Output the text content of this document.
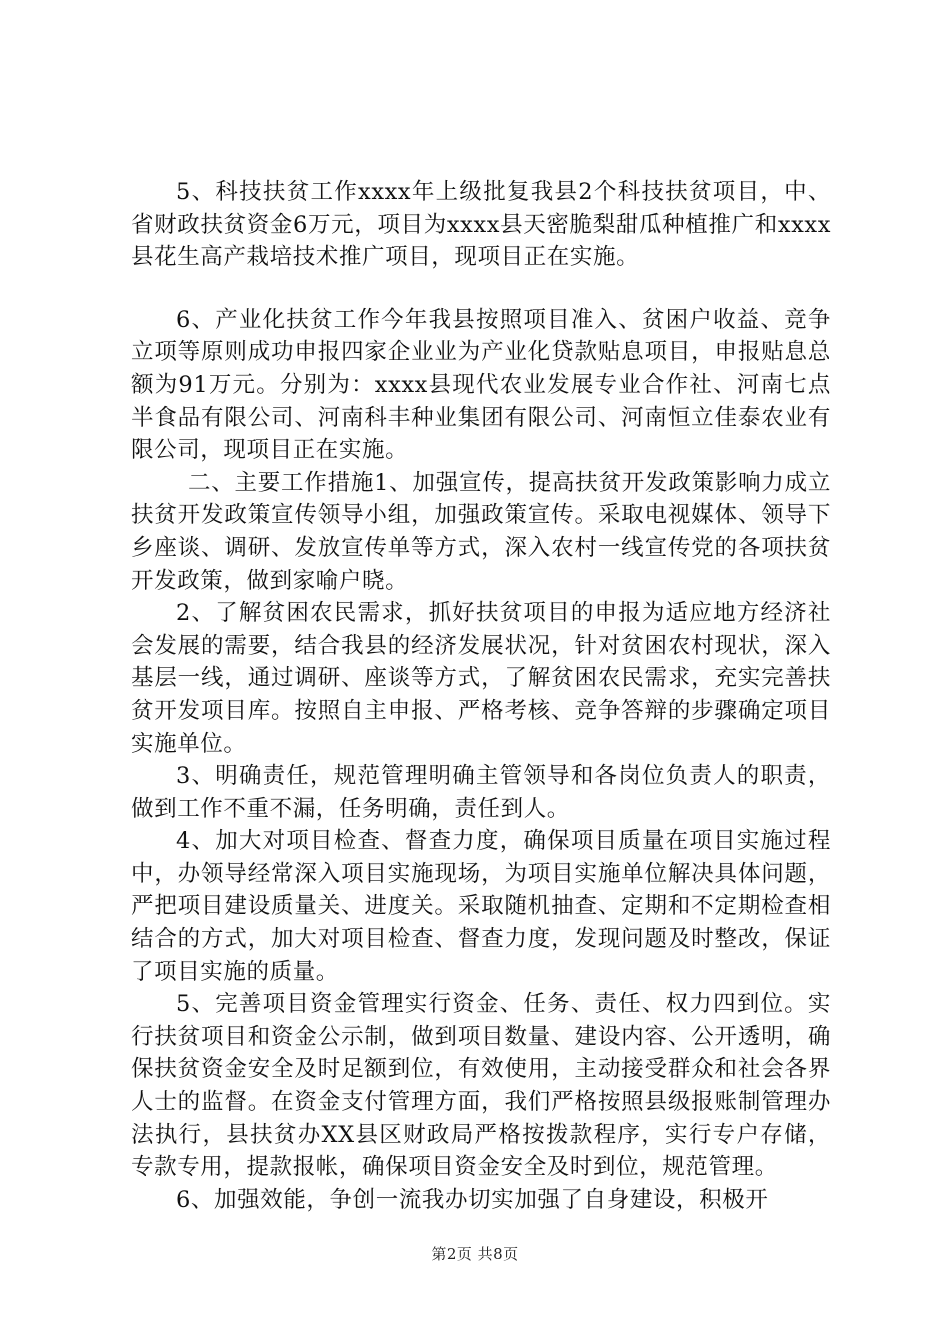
5、科技扶贫工作xxxx年上级批复我县2个科技扶贫项目，中、省财政扶贫资金6万元，项目为xxxx县天密脆梨甜瓜种植推广和xxxx县花生高产栽培技术推广项目，现项目正在实施。

6、产业化扶贫工作今年我县按照项目准入、贫困户收益、竞争立项等原则成功申报四家企业业为产业化贷款贴息项目，申报贴息总额为91万元。分别为：xxxx县现代农业发展专业合作社、河南七点半食品有限公司、河南科丰种业集团有限公司、河南恒立佳泰农业有限公司，现项目正在实施。

二、主要工作措施1、加强宣传，提高扶贫开发政策影响力成立扶贫开发政策宣传领导小组，加强政策宣传。采取电视媒体、领导下乡座谈、调研、发放宣传单等方式，深入农村一线宣传党的各项扶贫开发政策，做到家喻户晓。

2、了解贫困农民需求，抓好扶贫项目的申报为适应地方经济社会发展的需要，结合我县的经济发展状况，针对贫困农村现状，深入基层一线，通过调研、座谈等方式，了解贫困农民需求，充实完善扶贫开发项目库。按照自主申报、严格考核、竞争答辩的步骤确定项目实施单位。

3、明确责任，规范管理明确主管领导和各岗位负责人的职责，做到工作不重不漏，任务明确，责任到人。

4、加大对项目检查、督查力度，确保项目质量在项目实施过程中，办领导经常深入项目实施现场，为项目实施单位解决具体问题，严把项目建设质量关、进度关。采取随机抽查、定期和不定期检查相结合的方式，加大对项目检查、督查力度，发现问题及时整改，保证了项目实施的质量。

5、完善项目资金管理实行资金、任务、责任、权力四到位。实行扶贫项目和资金公示制，做到项目数量、建设内容、公开透明，确保扶贫资金安全及时足额到位，有效使用，主动接受群众和社会各界人士的监督。在资金支付管理方面，我们严格按照县级报账制管理办法执行，县扶贫办XX县区财政局严格按拨款程序，实行专户存储，专款专用，提款报帐，确保项目资金安全及时到位，规范管理。

6、加强效能，争创一流我办切实加强了自身建设，积极开

第2页 共8页
